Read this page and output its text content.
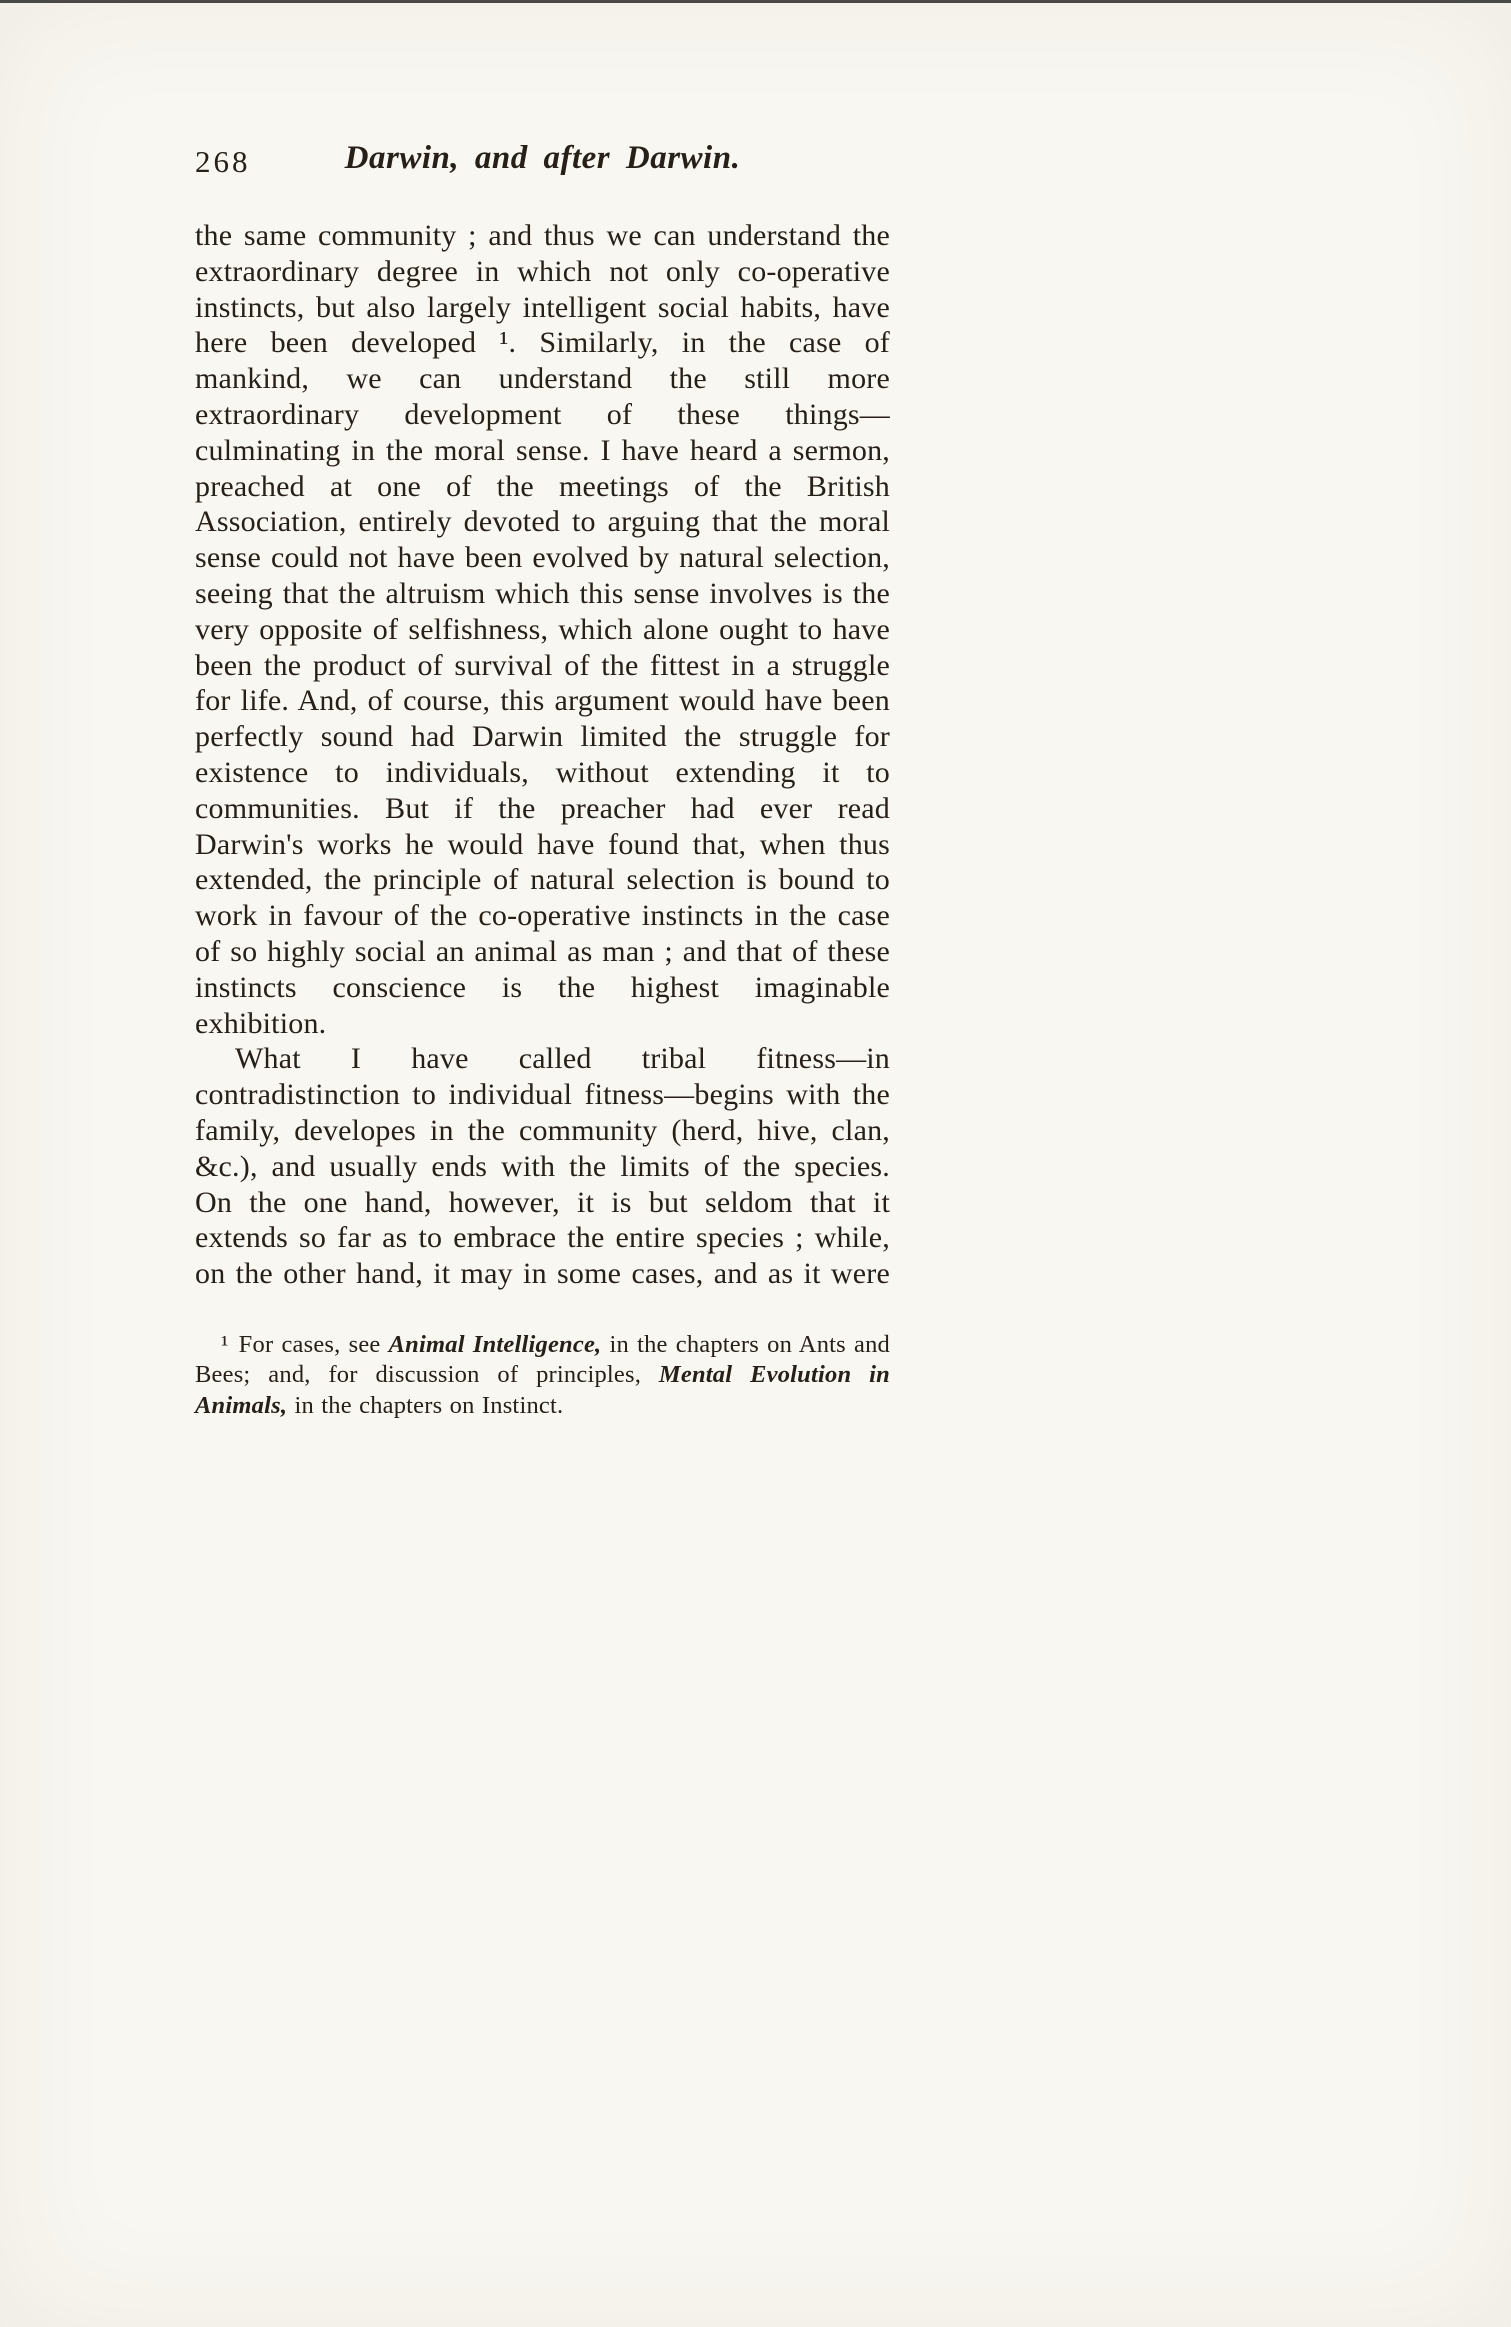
268	Darwin, and after Darwin.

the same community ; and thus we can understand the extraordinary degree in which not only co-operative instincts, but also largely intelligent social habits, have here been developed ¹. Similarly, in the case of mankind, we can understand the still more extraordinary development of these things—culminating in the moral sense. I have heard a sermon, preached at one of the meetings of the British Association, entirely devoted to arguing that the moral sense could not have been evolved by natural selection, seeing that the altruism which this sense involves is the very opposite of selfishness, which alone ought to have been the product of survival of the fittest in a struggle for life. And, of course, this argument would have been perfectly sound had Darwin limited the struggle for existence to individuals, without extending it to communities. But if the preacher had ever read Darwin's works he would have found that, when thus extended, the principle of natural selection is bound to work in favour of the co-operative instincts in the case of so highly social an animal as man ; and that of these instincts conscience is the highest imaginable exhibition.

What I have called tribal fitness—in contradistinction to individual fitness—begins with the family, developes in the community (herd, hive, clan, &c.), and usually ends with the limits of the species. On the one hand, however, it is but seldom that it extends so far as to embrace the entire species ; while, on the other hand, it may in some cases, and as it were

¹ For cases, see Animal Intelligence, in the chapters on Ants and Bees; and, for discussion of principles, Mental Evolution in Animals, in the chapters on Instinct.
